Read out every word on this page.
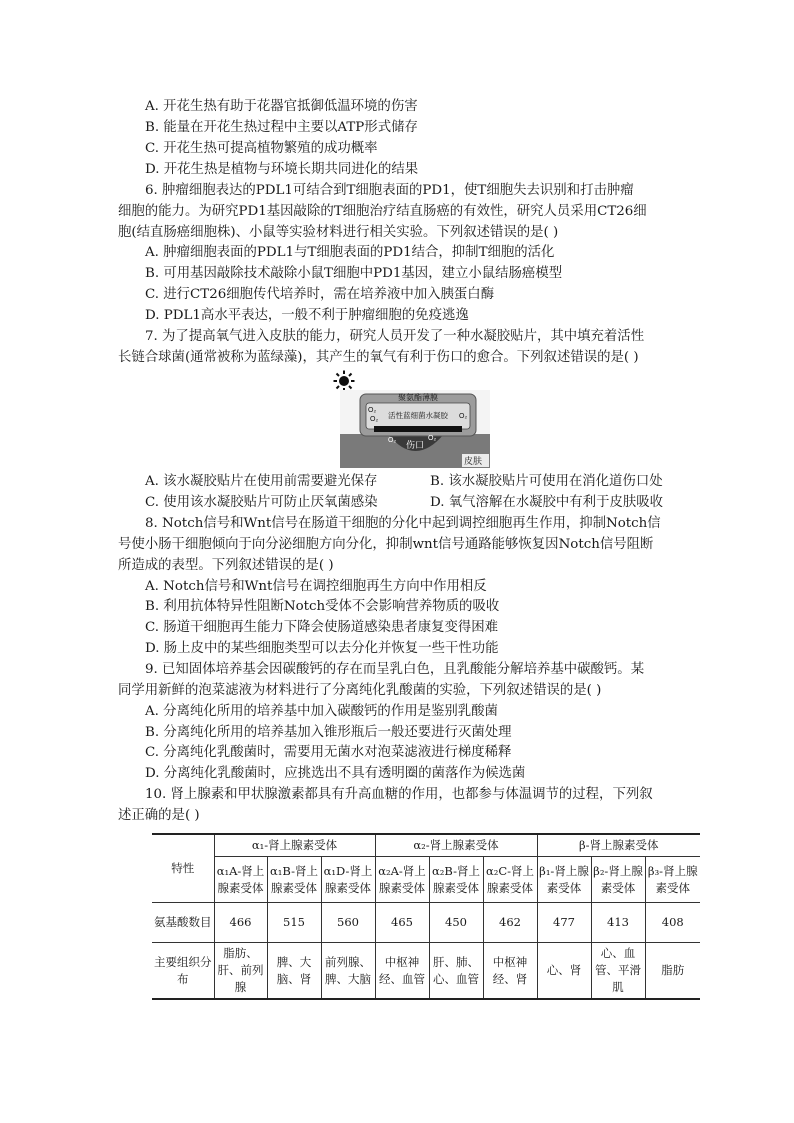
A. 开花生热有助于花器官抵御低温环境的伤害
B. 能量在开花生热过程中主要以ATP形式储存
C. 开花生热可提高植物繁殖的成功概率
D. 开花生热是植物与环境长期共同进化的结果
6. 肿瘤细胞表达的PDL1可结合到T细胞表面的PD1，使T细胞失去识别和打击肿瘤
细胞的能力。为研究PD1基因敲除的T细胞治疗结直肠癌的有效性，研究人员采用CT26细
胞(结直肠癌细胞株)、小鼠等实验材料进行相关实验。下列叙述错误的是( )
A. 肿瘤细胞表面的PDL1与T细胞表面的PD1结合，抑制T细胞的活化
B. 可用基因敲除技术敲除小鼠T细胞中PD1基因，建立小鼠结肠癌模型
C. 进行CT26细胞传代培养时，需在培养液中加入胰蛋白酶
D. PDL1高水平表达，一般不利于肿瘤细胞的免疫逃逸
7. 为了提高氧气进入皮肤的能力，研究人员开发了一种水凝胶贴片，其中填充着活性
长链合球菌(通常被称为蓝绿藻)，其产生的氧气有利于伤口的愈合。下列叙述错误的是( )
聚氨酯薄膜
活性蓝细菌水凝胶
O₂
O₂	O₂
O₂	O₂
伤口
皮肤
A. 该水凝胶贴片在使用前需要避光保存	B. 该水凝胶贴片可使用在消化道伤口处
C. 使用该水凝胶贴片可防止厌氧菌感染	D. 氧气溶解在水凝胶中有利于皮肤吸收
8. Notch信号和Wnt信号在肠道干细胞的分化中起到调控细胞再生作用，抑制Notch信
号使小肠干细胞倾向于向分泌细胞方向分化，抑制wnt信号通路能够恢复因Notch信号阻断
所造成的表型。下列叙述错误的是( )
A. Notch信号和Wnt信号在调控细胞再生方向中作用相反
B. 利用抗体特异性阻断Notch受体不会影响营养物质的吸收
C. 肠道干细胞再生能力下降会使肠道感染患者康复变得困难
D. 肠上皮中的某些细胞类型可以去分化并恢复一些干性功能
9. 已知固体培养基会因碳酸钙的存在而呈乳白色，且乳酸能分解培养基中碳酸钙。某
同学用新鲜的泡菜滤液为材料进行了分离纯化乳酸菌的实验，下列叙述错误的是( )
A. 分离纯化所用的培养基中加入碳酸钙的作用是鉴别乳酸菌
B. 分离纯化所用的培养基加入锥形瓶后一般还要进行灭菌处理
C. 分离纯化乳酸菌时，需要用无菌水对泡菜滤液进行梯度稀释
D. 分离纯化乳酸菌时，应挑选出不具有透明圈的菌落作为候选菌
10. 肾上腺素和甲状腺激素都具有升高血糖的作用，也都参与体温调节的过程，下列叙
述正确的是( )
特性	α₁-肾上腺素受体			α₂-肾上腺素受体			β-肾上腺素受体		
	α₁A-肾上腺素受体	α₁B-肾上腺素受体	α₁D-肾上腺素受体	α₂A-肾上腺素受体	α₂B-肾上腺素受体	α₂C-肾上腺素受体	β₁-肾上腺素受体	β₂-肾上腺素受体	β₃-肾上腺素受体
氨基酸数目	466	515	560	465	450	462	477	413	408
主要组织分布	脂肪、肝、前列腺	脾、大脑、肾	前列腺、脾、大脑	中枢神经、血管	肝、肺、心、血管	中枢神经、肾	心、肾	心、血管、平滑肌	脂肪
